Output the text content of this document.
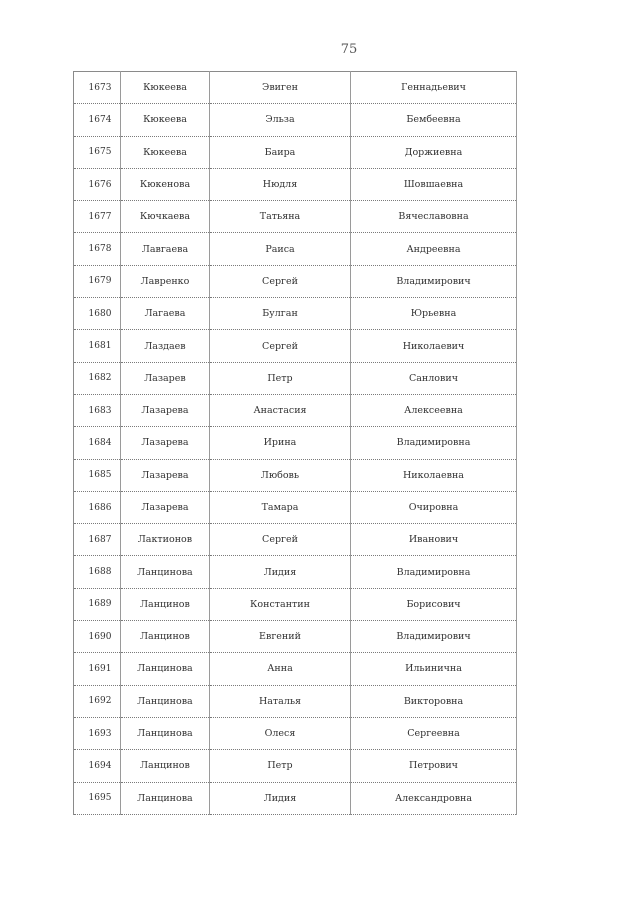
75
1673	Кюкеева	Эвиген	Геннадьевич
1674	Кюкеева	Эльза	Бембеевна
1675	Кюкеева	Баира	Доржиевна
1676	Кюкенова	Нюдля	Шовшаевна
1677	Кючкаева	Татьяна	Вячеславовна
1678	Лавгаева	Раиса	Андреевна
1679	Лавренко	Сергей	Владимирович
1680	Лагаева	Булган	Юрьевна
1681	Лаздаев	Сергей	Николаевич
1682	Лазарев	Петр	Санлович
1683	Лазарева	Анастасия	Алексеевна
1684	Лазарева	Ирина	Владимировна
1685	Лазарева	Любовь	Николаевна
1686	Лазарева	Тамара	Очировна
1687	Лактионов	Сергей	Иванович
1688	Ланцинова	Лидия	Владимировна
1689	Ланцинов	Константин	Борисович
1690	Ланцинов	Евгений	Владимирович
1691	Ланцинова	Анна	Ильинична
1692	Ланцинова	Наталья	Викторовна
1693	Ланцинова	Олеся	Сергеевна
1694	Ланцинов	Петр	Петрович
1695	Ланцинова	Лидия	Александровна
